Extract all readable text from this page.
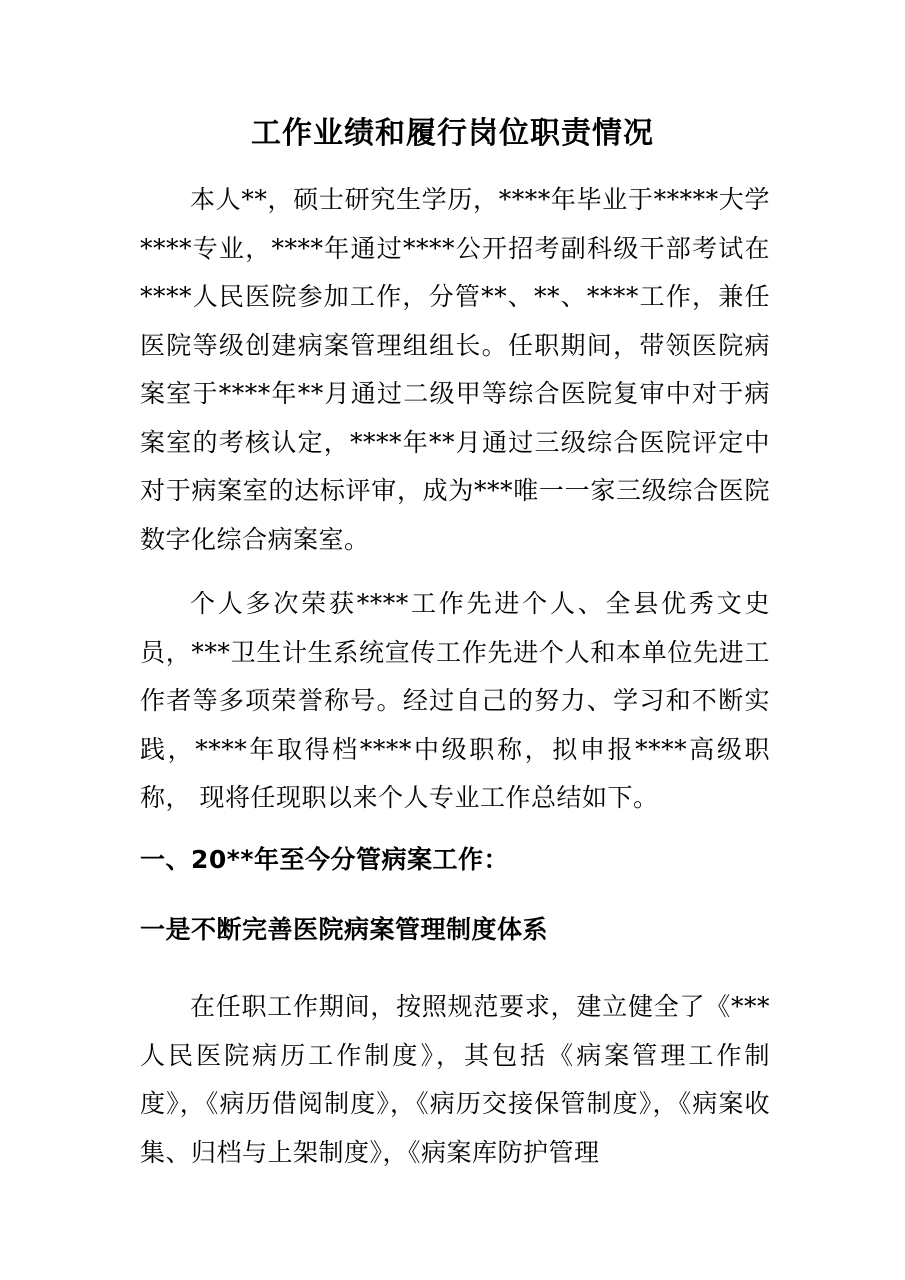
工作业绩和履行岗位职责情况

本人**，硕士研究生学历，****年毕业于*****大学****专业，****年通过****公开招考副科级干部考试在****人民医院参加工作，分管**、**、****工作，兼任医院等级创建病案管理组组长。任职期间，带领医院病案室于****年**月通过二级甲等综合医院复审中对于病案室的考核认定，****年**月通过三级综合医院评定中对于病案室的达标评审，成为***唯一一家三级综合医院数字化综合病案室。

个人多次荣获****工作先进个人、全县优秀文史员，***卫生计生系统宣传工作先进个人和本单位先进工作者等多项荣誉称号。经过自己的努力、学习和不断实践，****年取得档****中级职称，拟申报****高级职称， 现将任现职以来个人专业工作总结如下。

一、20**年至今分管病案工作：
一是不断完善医院病案管理制度体系

在任职工作期间，按照规范要求，建立健全了《***人民医院病历工作制度》，其包括《病案管理工作制度》，《病历借阅制度》，《病历交接保管制度》，《病案收集、归档与上架制度》，《病案库防护管理
